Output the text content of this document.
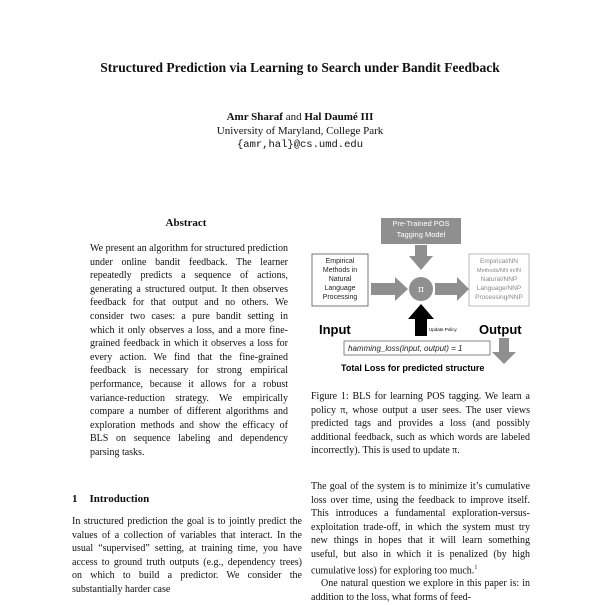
Structured Prediction via Learning to Search under Bandit Feedback
Amr Sharaf and Hal Daumé III
University of Maryland, College Park
{amr,hal}@cs.umd.edu
Abstract
We present an algorithm for structured prediction under online bandit feedback. The learner repeatedly predicts a sequence of actions, generating a structured output. It then observes feedback for that output and no others. We consider two cases: a pure bandit setting in which it only observes a loss, and a more fine-grained feedback in which it observes a loss for every action. We find that the fine-grained feedback is necessary for strong empirical performance, because it allows for a robust variance-reduction strategy. We empirically compare a number of different algorithms and exploration methods and show the efficacy of BLS on sequence labeling and dependency parsing tasks.
1 Introduction
In structured prediction the goal is to jointly predict the values of a collection of variables that interact. In the usual “supervised” setting, at training time, you have access to ground truth outputs (e.g., dependency trees) on which to build a predictor. We consider the substantially harder case
Pre-Trained POS Tagging Model
Empirical
Methods in
Natural
Language
Processing
π
Empirical/NN
Methods/NN in/IN
Natural/NNP
Language/NNP
Processing/NNP
Update Policy
Input	Output
hamming_loss(input, output) = 1
Total Loss for predicted structure
Figure 1: BLS for learning POS tagging. We learn a policy π, whose output a user sees. The user views predicted tags and provides a loss (and possibly additional feedback, such as which words are labeled incorrectly). This is used to update π.

The goal of the system is to minimize it’s cumulative loss over time, using the feedback to improve itself. This introduces a fundamental exploration-versus-exploitation trade-off, in which the system must try new things in hopes that it will learn something useful, but also in which it is penalized (by high cumulative loss) for exploring too much.$^1$

One natural question we explore in this paper is: in addition to the loss, what forms of feed-
